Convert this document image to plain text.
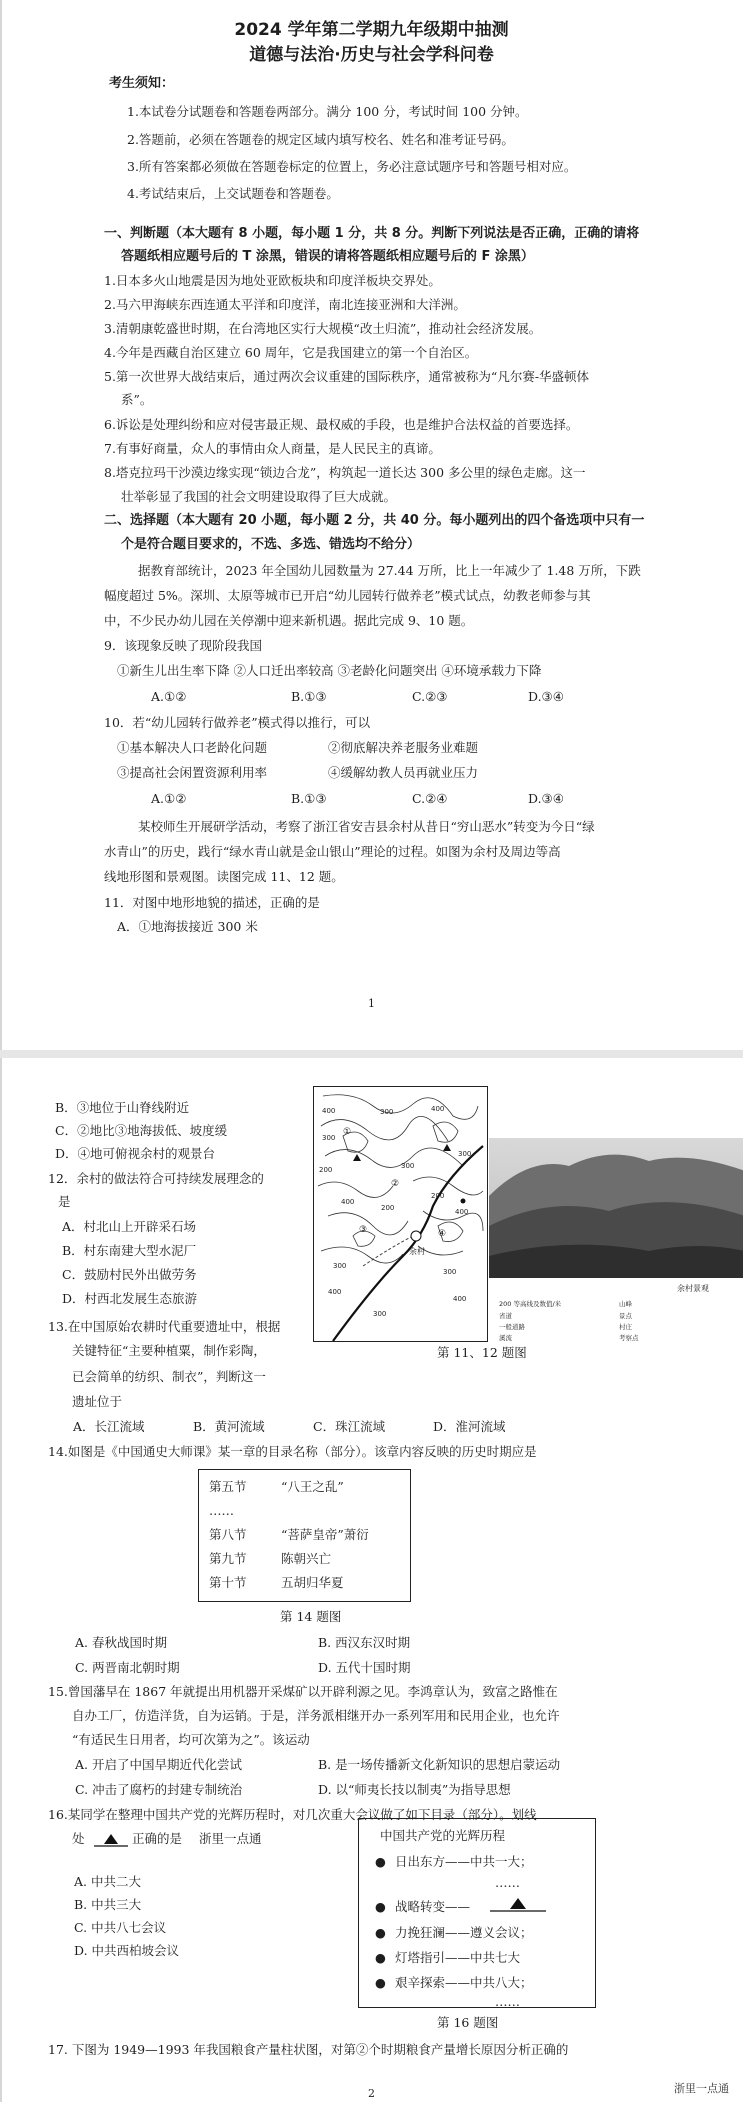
2024 学年第二学期九年级期中抽测
道德与法治·历史与社会学科问卷
考生须知：
1.本试卷分试题卷和答题卷两部分。满分 100 分，考试时间 100 分钟。
2.答题前，必须在答题卷的规定区域内填写校名、姓名和准考证号码。
3.所有答案都必须做在答题卷标定的位置上，务必注意试题序号和答题号相对应。
4.考试结束后，上交试题卷和答题卷。
一、判断题（本大题有 8 小题，每小题 1 分，共 8 分。判断下列说法是否正确，正确的请将
答题纸相应题号后的 T 涂黑，错误的请将答题纸相应题号后的 F 涂黑）
1.日本多火山地震是因为地处亚欧板块和印度洋板块交界处。
2.马六甲海峡东西连通太平洋和印度洋，南北连接亚洲和大洋洲。
3.清朝康乾盛世时期，在台湾地区实行大规模“改土归流”，推动社会经济发展。
4.今年是西藏自治区建立 60 周年，它是我国建立的第一个自治区。
5.第一次世界大战结束后，通过两次会议重建的国际秩序，通常被称为“凡尔赛-华盛顿体
系”。
6.诉讼是处理纠纷和应对侵害最正规、最权威的手段，也是维护合法权益的首要选择。
7.有事好商量，众人的事情由众人商量，是人民民主的真谛。
8.塔克拉玛干沙漠边缘实现“锁边合龙”，构筑起一道长达 300 多公里的绿色走廊。这一
壮举彰显了我国的社会文明建设取得了巨大成就。
二、选择题（本大题有 20 小题，每小题 2 分，共 40 分。每小题列出的四个备选项中只有一
个是符合题目要求的，不选、多选、错选均不给分）
据教育部统计，2023 年全国幼儿园数量为 27.44 万所，比上一年减少了 1.48 万所，下跌
幅度超过 5%。深圳、太原等城市已开启“幼儿园转行做养老”模式试点，幼教老师参与其
中，不少民办幼儿园在关停潮中迎来新机遇。据此完成 9、10 题。
9．该现象反映了现阶段我国
①新生儿出生率下降 ②人口迁出率较高 ③老龄化问题突出 ④环境承载力下降
A.①②	B.①③	C.②③	D.③④
10．若“幼儿园转行做养老”模式得以推行，可以
①基本解决人口老龄化问题	②彻底解决养老服务业难题
③提高社会闲置资源利用率	④缓解幼教人员再就业压力
A.①②	B.①③	C.②④	D.③④
某校师生开展研学活动，考察了浙江省安吉县余村从昔日“穷山恶水”转变为今日“绿
水青山”的历史，践行“绿水青山就是金山银山”理论的过程。如图为余村及周边等高
线地形图和景观图。读图完成 11、12 题。
11．对图中地形地貌的描述，正确的是
A．①地海拔接近 300 米
1
B．③地位于山脊线附近
C．②地比③地海拔低、坡度缓
D．④地可俯视余村的观景台
12．余村的做法符合可持续发展理念的
是
A．村北山上开辟采石场
B．村东南建大型水泥厂
C．鼓励村民外出做劳务
D．村西北发展生态旅游
余村
400
300
200
300	400
300
400
200
300
200	400
300
400
300
400
300
①
②
③	④
余村景观
200 等高线及数值/米
省道
一般道路
溪流
山峰
景点
村庄
考察点
第 11、12 题图
13.在中国原始农耕时代重要遗址中，根据
关键特征“主要种植粟，制作彩陶，
已会简单的纺织、制衣”，判断这一
遗址位于
A．长江流域	B．黄河流域	C．珠江流域	D．淮河流域
14.如图是《中国通史大师课》某一章的目录名称（部分）。该章内容反映的历史时期应是
第五节	“八王之乱”
……
第八节	“菩萨皇帝”萧衍
第九节	陈朝兴亡
第十节	五胡归华夏
第 14 题图
A. 春秋战国时期	B. 西汉东汉时期
C. 两晋南北朝时期	D. 五代十国时期
15.曾国藩早在 1867 年就提出用机器开采煤矿以开辟利源之见。李鸿章认为，致富之路惟在
自办工厂，仿造洋货，自为运销。于是，洋务派相继开办一系列军用和民用企业，也允许
“有适民生日用者，均可次第为之”。该运动
A. 开启了中国早期近代化尝试	B. 是一场传播新文化新知识的思想启蒙运动
C. 冲击了腐朽的封建专制统治	D. 以“师夷长技以制夷”为指导思想
16.某同学在整理中国共产党的光辉历程时，对几次重大会议做了如下目录（部分）。划线
处	正确的是 浙里一点通
A. 中共二大
B. 中共三大
C. 中共八七会议
D. 中共西柏坡会议
中国共产党的光辉历程
● 日出东方——中共一大；
……
● 战略转变——
● 力挽狂澜——遵义会议；
● 灯塔指引——中共七大
● 艰辛探索——中共八大；
……
第 16 题图
17. 下图为 1949—1993 年我国粮食产量柱状图，对第②个时期粮食产量增长原因分析正确的
2	浙里一点通
